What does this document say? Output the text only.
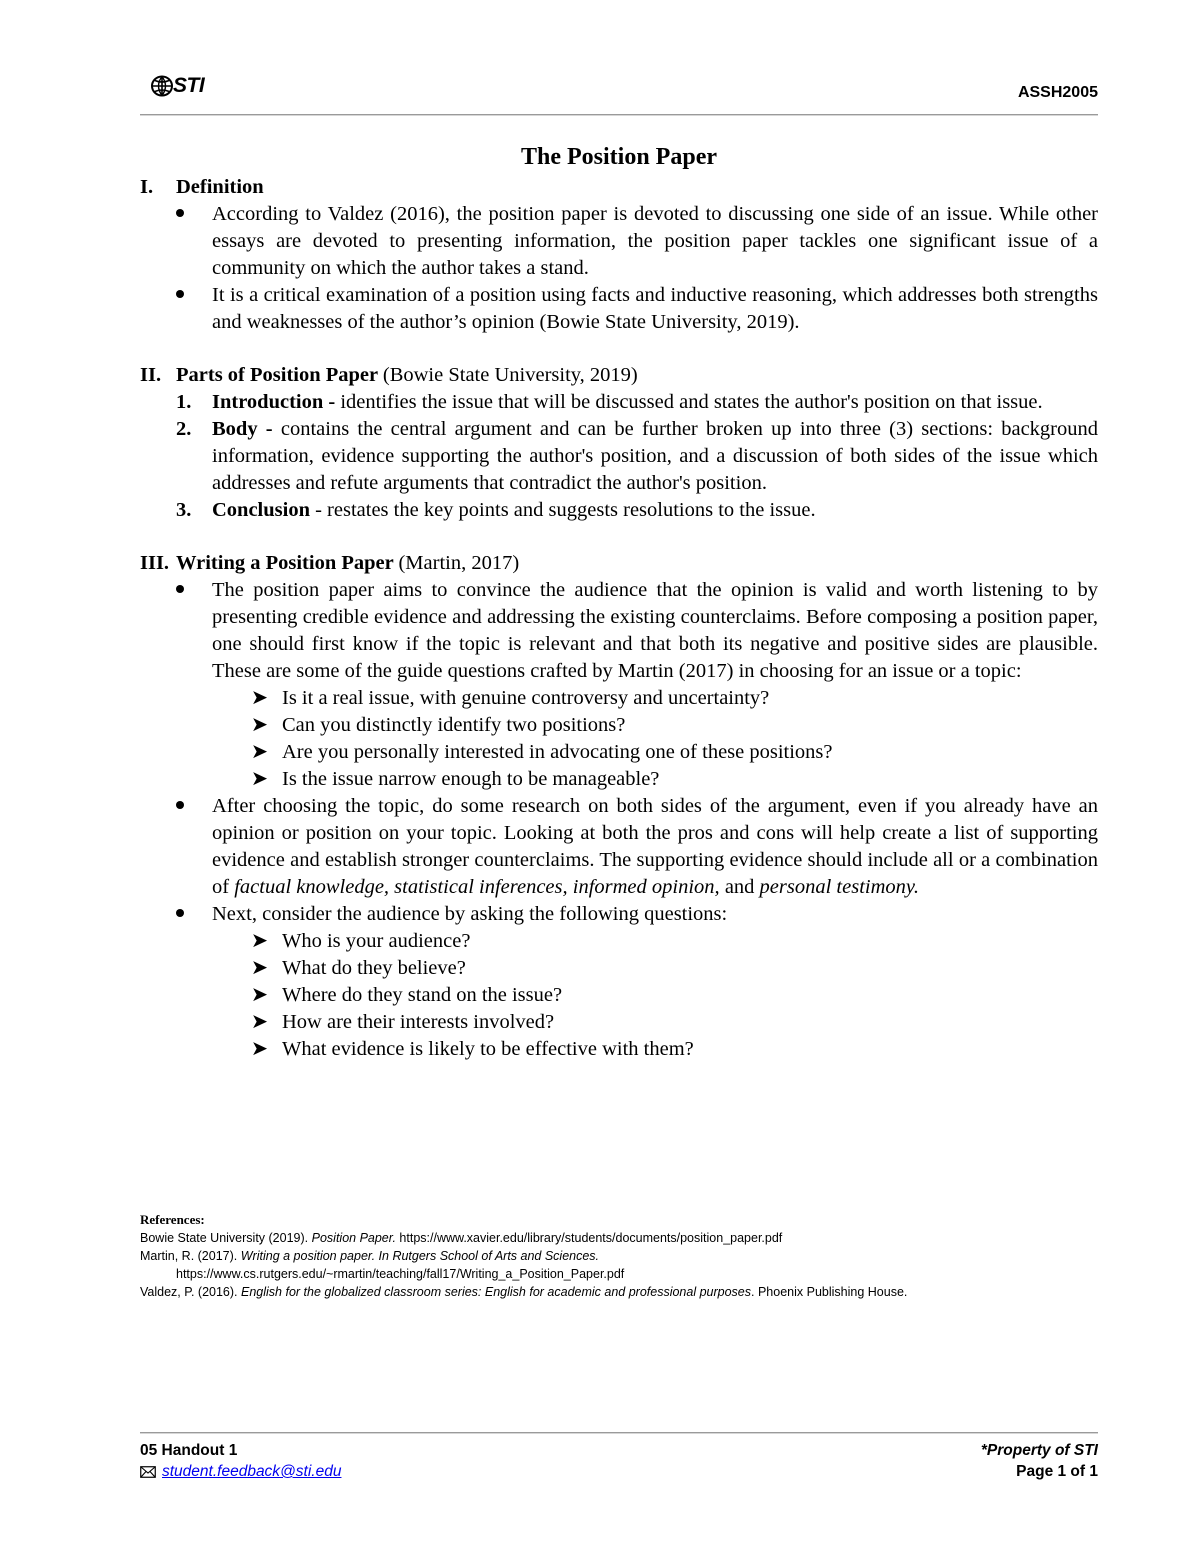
STI	ASSH2005
The Position Paper
I.	Definition
According to Valdez (2016), the position paper is devoted to discussing one side of an issue. While other essays are devoted to presenting information, the position paper tackles one significant issue of a community on which the author takes a stand.
It is a critical examination of a position using facts and inductive reasoning, which addresses both strengths and weaknesses of the author’s opinion (Bowie State University, 2019).
II. Parts of Position Paper (Bowie State University, 2019)
1.	Introduction - identifies the issue that will be discussed and states the author's position on that issue.
2.	Body - contains the central argument and can be further broken up into three (3) sections: background information, evidence supporting the author's position, and a discussion of both sides of the issue which addresses and refute arguments that contradict the author's position.
3.	Conclusion - restates the key points and suggests resolutions to the issue.
III. Writing a Position Paper (Martin, 2017)
The position paper aims to convince the audience that the opinion is valid and worth listening to by presenting credible evidence and addressing the existing counterclaims. Before composing a position paper, one should first know if the topic is relevant and that both its negative and positive sides are plausible. These are some of the guide questions crafted by Martin (2017) in choosing for an issue or a topic:
➤ Is it a real issue, with genuine controversy and uncertainty?
➤ Can you distinctly identify two positions?
➤ Are you personally interested in advocating one of these positions?
➤ Is the issue narrow enough to be manageable?
After choosing the topic, do some research on both sides of the argument, even if you already have an opinion or position on your topic. Looking at both the pros and cons will help create a list of supporting evidence and establish stronger counterclaims. The supporting evidence should include all or a combination of factual knowledge, statistical inferences, informed opinion, and personal testimony.
Next, consider the audience by asking the following questions:
➤ Who is your audience?
➤ What do they believe?
➤ Where do they stand on the issue?
➤ How are their interests involved?
➤ What evidence is likely to be effective with them?
References:
Bowie State University (2019). Position Paper. https://www.xavier.edu/library/students/documents/position_paper.pdf
Martin, R. (2017). Writing a position paper. In Rutgers School of Arts and Sciences.
https://www.cs.rutgers.edu/~rmartin/teaching/fall17/Writing_a_Position_Paper.pdf
Valdez, P. (2016). English for the globalized classroom series: English for academic and professional purposes. Phoenix Publishing House.
05 Handout 1
student.feedback@sti.edu
*Property of STI
Page 1 of 1
